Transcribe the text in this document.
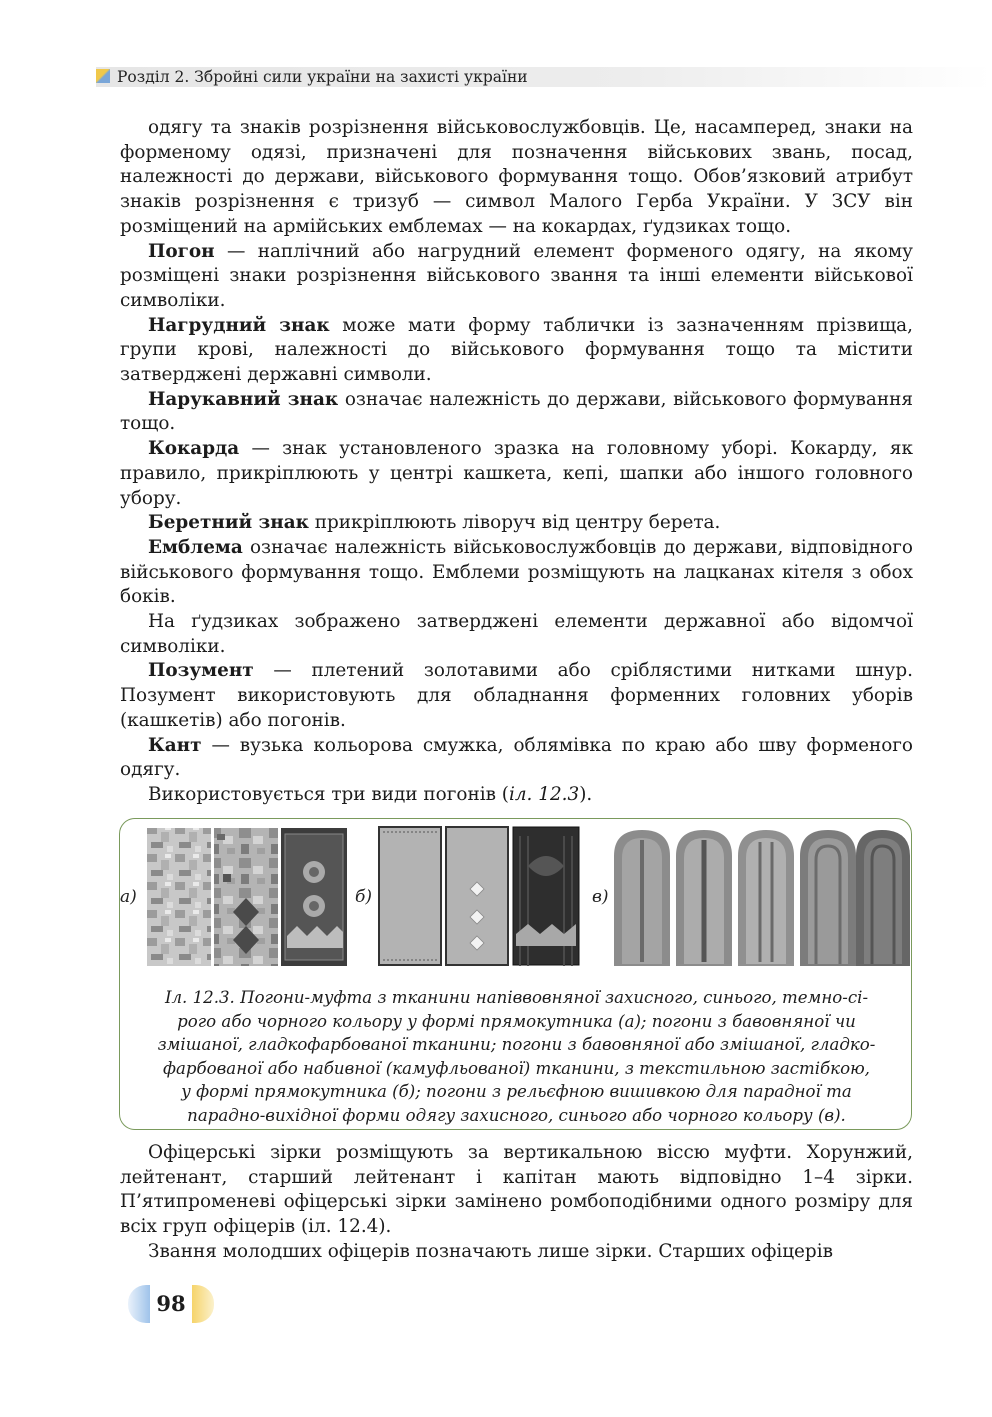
Розділ 2. Збройні сили україни на захисті україни

одягу та знаків розрізнення військовослужбовців. Це, насамперед, знаки на форменому одязі, призначені для позначення військових звань, посад, належності до держави, військового формування тощо. Обов’язковий атрибут знаків розрізнення є тризуб — символ Малого Герба України. У ЗСУ він розміщений на армійських емблемах — на кокардах, ґудзиках тощо.

Погон — наплічний або нагрудний елемент форменого одягу, на якому розміщені знаки розрізнення військового звання та інші елементи військової символіки.

Нагрудний знак може мати форму таблички із зазначенням прізвища, групи крові, належності до військового формування тощо та містити затверджені державні символи.

Нарукавний знак означає належність до держави, військового формування тощо.

Кокарда — знак установленого зразка на головному уборі. Кокарду, як правило, прикріплюють у центрі кашкета, кепі, шапки або іншого головного убору.

Беретний знак прикріплюють ліворуч від центру берета.

Емблема означає належність військовослужбовців до держави, відповідного військового формування тощо. Емблеми розміщують на лацканах кітеля з обох боків.

На ґудзиках зображено затверджені елементи державної або відомчої символіки.

Позумент — плетений золотавими або сріблястими нитками шнур. Позумент використовують для обладнання форменних головних уборів (кашкетів) або погонів.

Кант — вузька кольорова смужка, облямівка по краю або шву форменого одягу.

Використовується три види погонів (іл. 12.3).

а)	б)	в)

Іл. 12.3. Погони-муфта з тканини напіввовняної захисного, синього, темно-сі-

рого або чорного кольору у формі прямокутника (а); погони з бавовняної чи

змішаної, гладкофарбованої тканини; погони з бавовняної або змішаної, гладко-

фарбованої або набивної (камуфльованої) тканини, з текстильною застібкою,

у формі прямокутника (б); погони з рельєфною вишивкою для парадної та

парадно-вихідної форми одягу захисного, синього або чорного кольору (в).

Офіцерські зірки розміщують за вертикальною віссю муфти. Хорунжий, лейтенант, старший лейтенант і капітан мають відповідно 1–4 зірки. П’ятипроменеві офіцерські зірки замінено ромбоподібними одного розміру для всіх груп офіцерів (іл. 12.4).

Звання молодших офіцерів позначають лише зірки. Старших офіцерів

98
